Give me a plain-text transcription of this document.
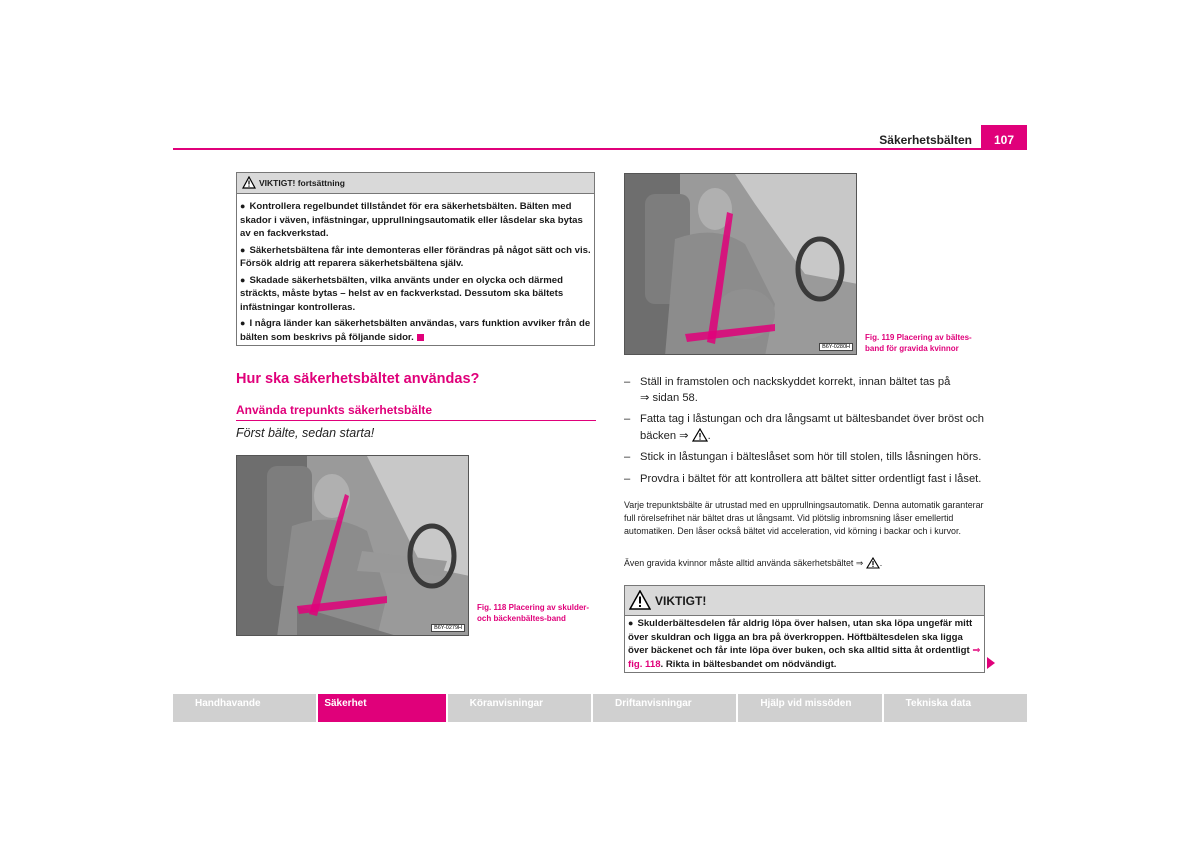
Säkerhetsbälten	107
VIKTIGT! fortsättning

● Kontrollera regelbundet tillståndet för era säkerhetsbälten. Bälten med skador i väven, infästningar, upprullningsautomatik eller låsdelar ska bytas av en fackverkstad.

● Säkerhetsbältena får inte demonteras eller förändras på något sätt och vis. Försök aldrig att reparera säkerhetsbältena själv.

● Skadade säkerhetsbälten, vilka använts under en olycka och därmed sträckts, måste bytas – helst av en fackverkstad. Dessutom ska bältets infästningar kontrolleras.

● I några länder kan säkerhetsbälten användas, vars funktion avviker från de bälten som beskrivs på följande sidor.

Hur ska säkerhetsbältet användas?
Använda trepunkts säkerhetsbälte
Först bälte, sedan starta!
B6Y-0279H
Fig. 118 Placering av skulder- och bäckenbältes-band
B6Y-0280H
Fig. 119 Placering av bältes-band för gravida kvinnor
– Ställ in framstolen och nackskyddet korrekt, innan bältet tas på
⇒ sidan 58.
– Fatta tag i låstungan och dra långsamt ut bältesbandet över bröst och bäcken ⇒ .
– Stick in låstungan i bälteslåset som hör till stolen, tills låsningen hörs.
– Provdra i bältet för att kontrollera att bältet sitter ordentligt fast i låset.
Varje trepunktsbälte är utrustad med en upprullningsautomatik. Denna automatik garanterar full rörelsefrihet när bältet dras ut långsamt. Vid plötslig inbromsning låser emellertid automatiken. Den låser också bältet vid acceleration, vid körning i backar och i kurvor.
Även gravida kvinnor måste alltid använda säkerhetsbältet ⇒ .
VIKTIGT!
● Skulderbältesdelen får aldrig löpa över halsen, utan ska löpa ungefär mitt över skuldran och ligga an bra på överkroppen. Höftbältesdelen ska ligga över bäckenet och får inte löpa över buken, och ska alltid sitta åt ordentligt ⇒ fig. 118. Rikta in bältesbandet om nödvändigt.
Handhavande	Säkerhet	Köranvisningar	Driftanvisningar	Hjälp vid missöden	Tekniska data
